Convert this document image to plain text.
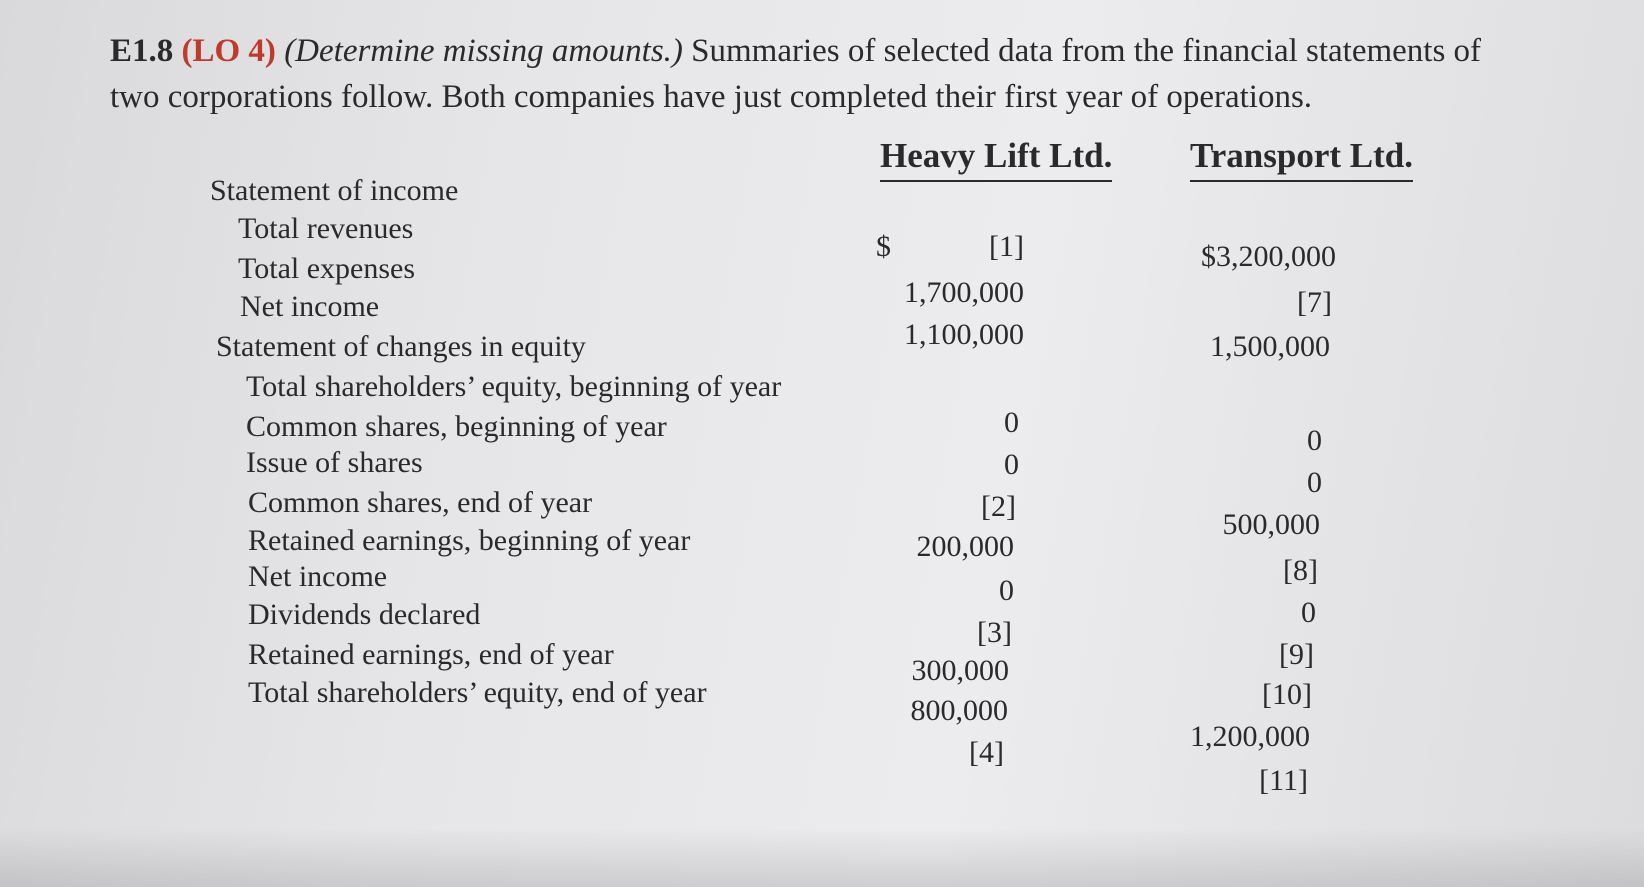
E1.8 (LO 4) (Determine missing amounts.) Summaries of selected data from the financial statements of
two corporations follow. Both companies have just completed their first year of operations.
Heavy Lift Ltd. Transport Ltd.
Statement of income
Total revenues
Total expenses
Net income
Statement of changes in equity
Total shareholders’ equity, beginning of year
Common shares, beginning of year
Issue of shares
Common shares, end of year
Retained earnings, beginning of year
Net income
Dividends declared
Retained earnings, end of year
Total shareholders’ equity, end of year
$	[1]
1,700,000
1,100,000
0
0
[2]
200,000
0
[3]
300,000
800,000
[4]
$3,200,000
[7]
1,500,000
0
0
500,000
[8]
0
[9]
[10]
1,200,000
[11]
